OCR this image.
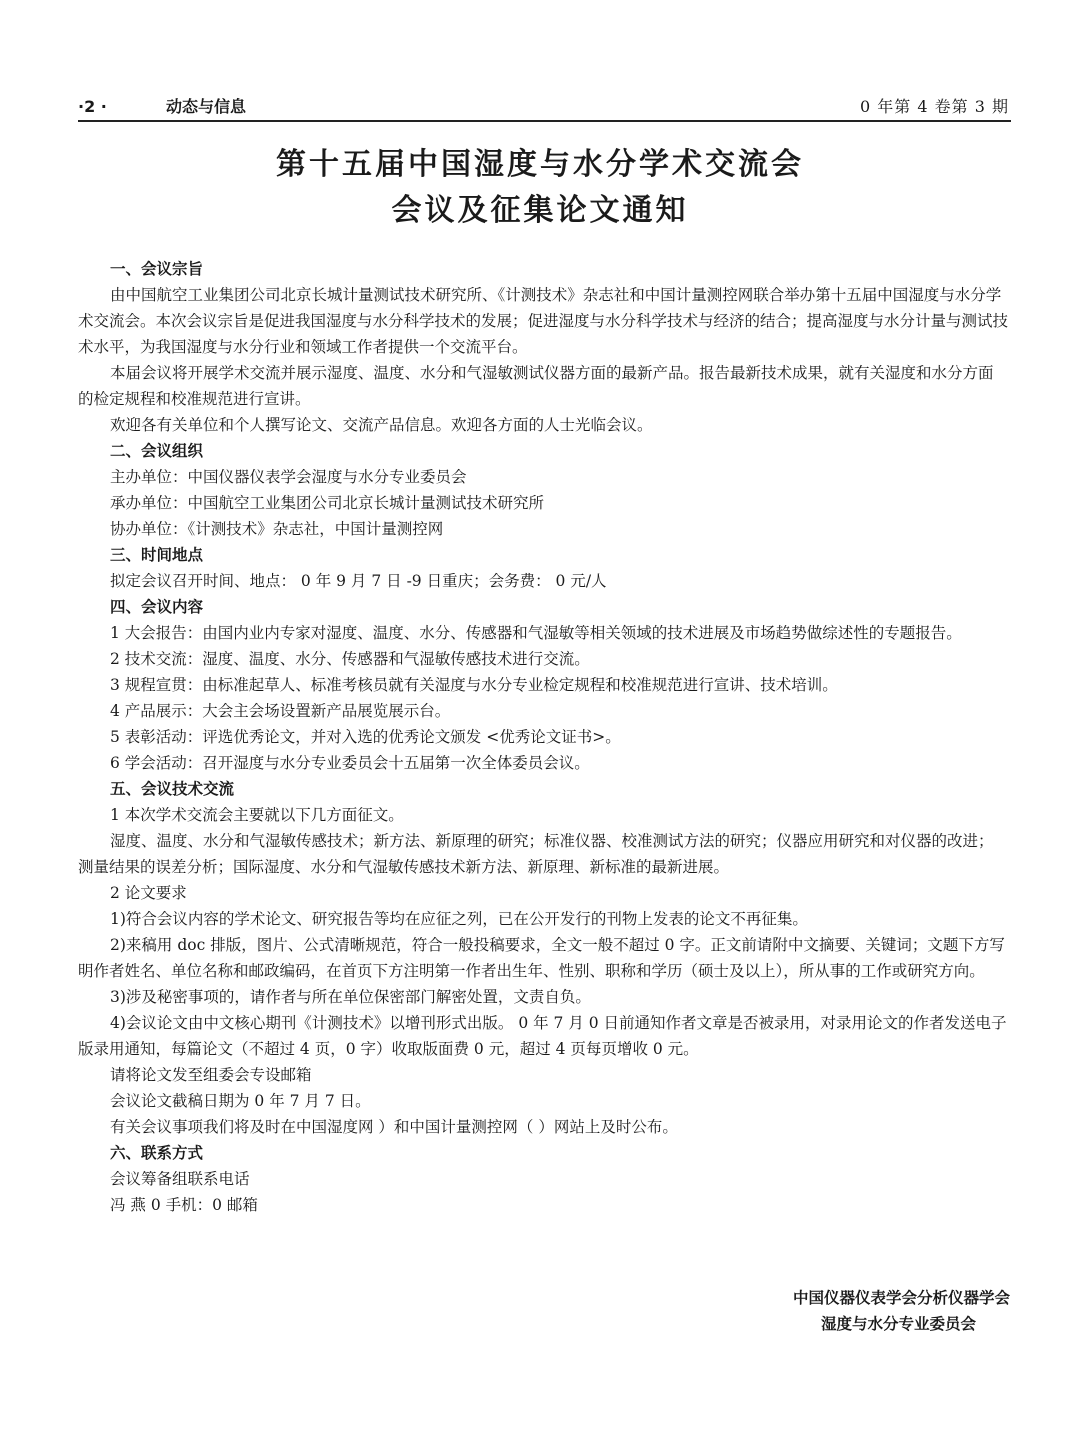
·2 ·	动态与信息	0 年第 4 卷第 3 期
第十五届中国湿度与水分学术交流会
会议及征集论文通知
一、会议宗旨

由中国航空工业集团公司北京长城计量测试技术研究所、《计测技术》杂志社和中国计量测控网联合举办第十五届中国湿度与水分学术交流会。本次会议宗旨是促进我国湿度与水分科学技术的发展；促进湿度与水分科学技术与经济的结合；提高湿度与水分计量与测试技术水平，为我国湿度与水分行业和领域工作者提供一个交流平台。

本届会议将开展学术交流并展示湿度、温度、水分和气湿敏测试仪器方面的最新产品。报告最新技术成果，就有关湿度和水分方面的检定规程和校准规范进行宣讲。

欢迎各有关单位和个人撰写论文、交流产品信息。欢迎各方面的人士光临会议。

二、会议组织

主办单位：中国仪器仪表学会湿度与水分专业委员会

承办单位：中国航空工业集团公司北京长城计量测试技术研究所

协办单位：《计测技术》杂志社，中国计量测控网

三、时间地点

拟定会议召开时间、地点： 0 年 9 月 7 日 -9 日重庆；会务费： 0 元/人

四、会议内容

1 大会报告：由国内业内专家对湿度、温度、水分、传感器和气湿敏等相关领域的技术进展及市场趋势做综述性的专题报告。

2 技术交流：湿度、温度、水分、传感器和气湿敏传感技术进行交流。

3 规程宣贯：由标准起草人、标准考核员就有关湿度与水分专业检定规程和校准规范进行宣讲、技术培训。

4 产品展示：大会主会场设置新产品展览展示台。

5 表彰活动：评选优秀论文，并对入选的优秀论文颁发 <优秀论文证书>。

6 学会活动：召开湿度与水分专业委员会十五届第一次全体委员会议。

五、会议技术交流

1 本次学术交流会主要就以下几方面征文。

湿度、温度、水分和气湿敏传感技术；新方法、新原理的研究；标准仪器、校准测试方法的研究；仪器应用研究和对仪器的改进；测量结果的误差分析；国际湿度、水分和气湿敏传感技术新方法、新原理、新标准的最新进展。

2 论文要求

1)符合会议内容的学术论文、研究报告等均在应征之列，已在公开发行的刊物上发表的论文不再征集。

2)来稿用 doc 排版，图片、公式清晰规范，符合一般投稿要求，全文一般不超过 0 字。正文前请附中文摘要、关键词；文题下方写明作者姓名、单位名称和邮政编码，在首页下方注明第一作者出生年、性别、职称和学历（硕士及以上），所从事的工作或研究方向。

3)涉及秘密事项的，请作者与所在单位保密部门解密处置，文责自负。

4)会议论文由中文核心期刊《计测技术》以增刊形式出版。 0 年 7 月 0 日前通知作者文章是否被录用，对录用论文的作者发送电子版录用通知，每篇论文（不超过 4 页，0 字）收取版面费 0 元，超过 4 页每页增收 0 元。

请将论文发至组委会专设邮箱

会议论文截稿日期为 0 年 7 月 7 日。

有关会议事项我们将及时在中国湿度网 ）和中国计量测控网（ ）网站上及时公布。

六、联系方式

会议筹备组联系电话

冯 燕 0 手机：0 邮箱

中国仪器仪表学会分析仪器学会
湿度与水分专业委员会
